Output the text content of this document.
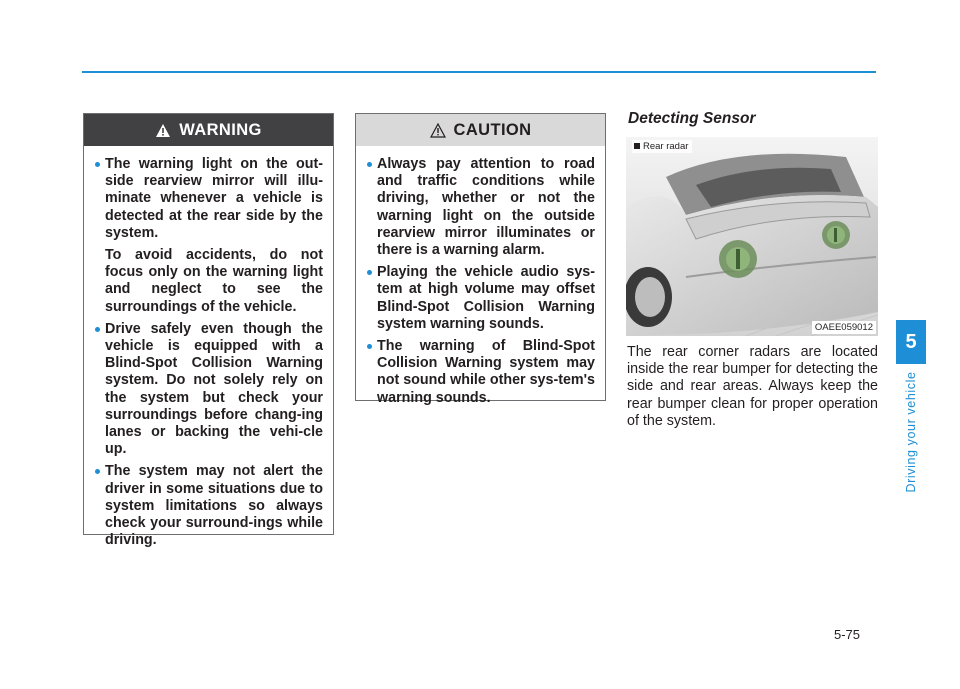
WARNING
The warning light on the out-side rearview mirror will illu-minate whenever a vehicle is detected at the rear side by the system.
To avoid accidents, do not focus only on the warning light and neglect to see the surroundings of the vehicle.
Drive safely even though the vehicle is equipped with a Blind-Spot Collision Warning system. Do not solely rely on the system but check your surroundings before chang-ing lanes or backing the vehi-cle up.
The system may not alert the driver in some situations due to system limitations so always check your surround-ings while driving.
CAUTION
Always pay attention to road and traffic conditions while driving, whether or not the warning light on the outside rearview mirror illuminates or there is a warning alarm.
Playing the vehicle audio sys-tem at high volume may offset Blind-Spot Collision Warning system warning sounds.
The warning of Blind-Spot Collision Warning system may not sound while other sys-tem's warning sounds.
Detecting Sensor
Rear radar
OAEE059012
The rear corner radars are located inside the rear bumper for detecting the side and rear areas. Always keep the rear bumper clean for proper operation of the system.
5
Driving your vehicle
5-75
